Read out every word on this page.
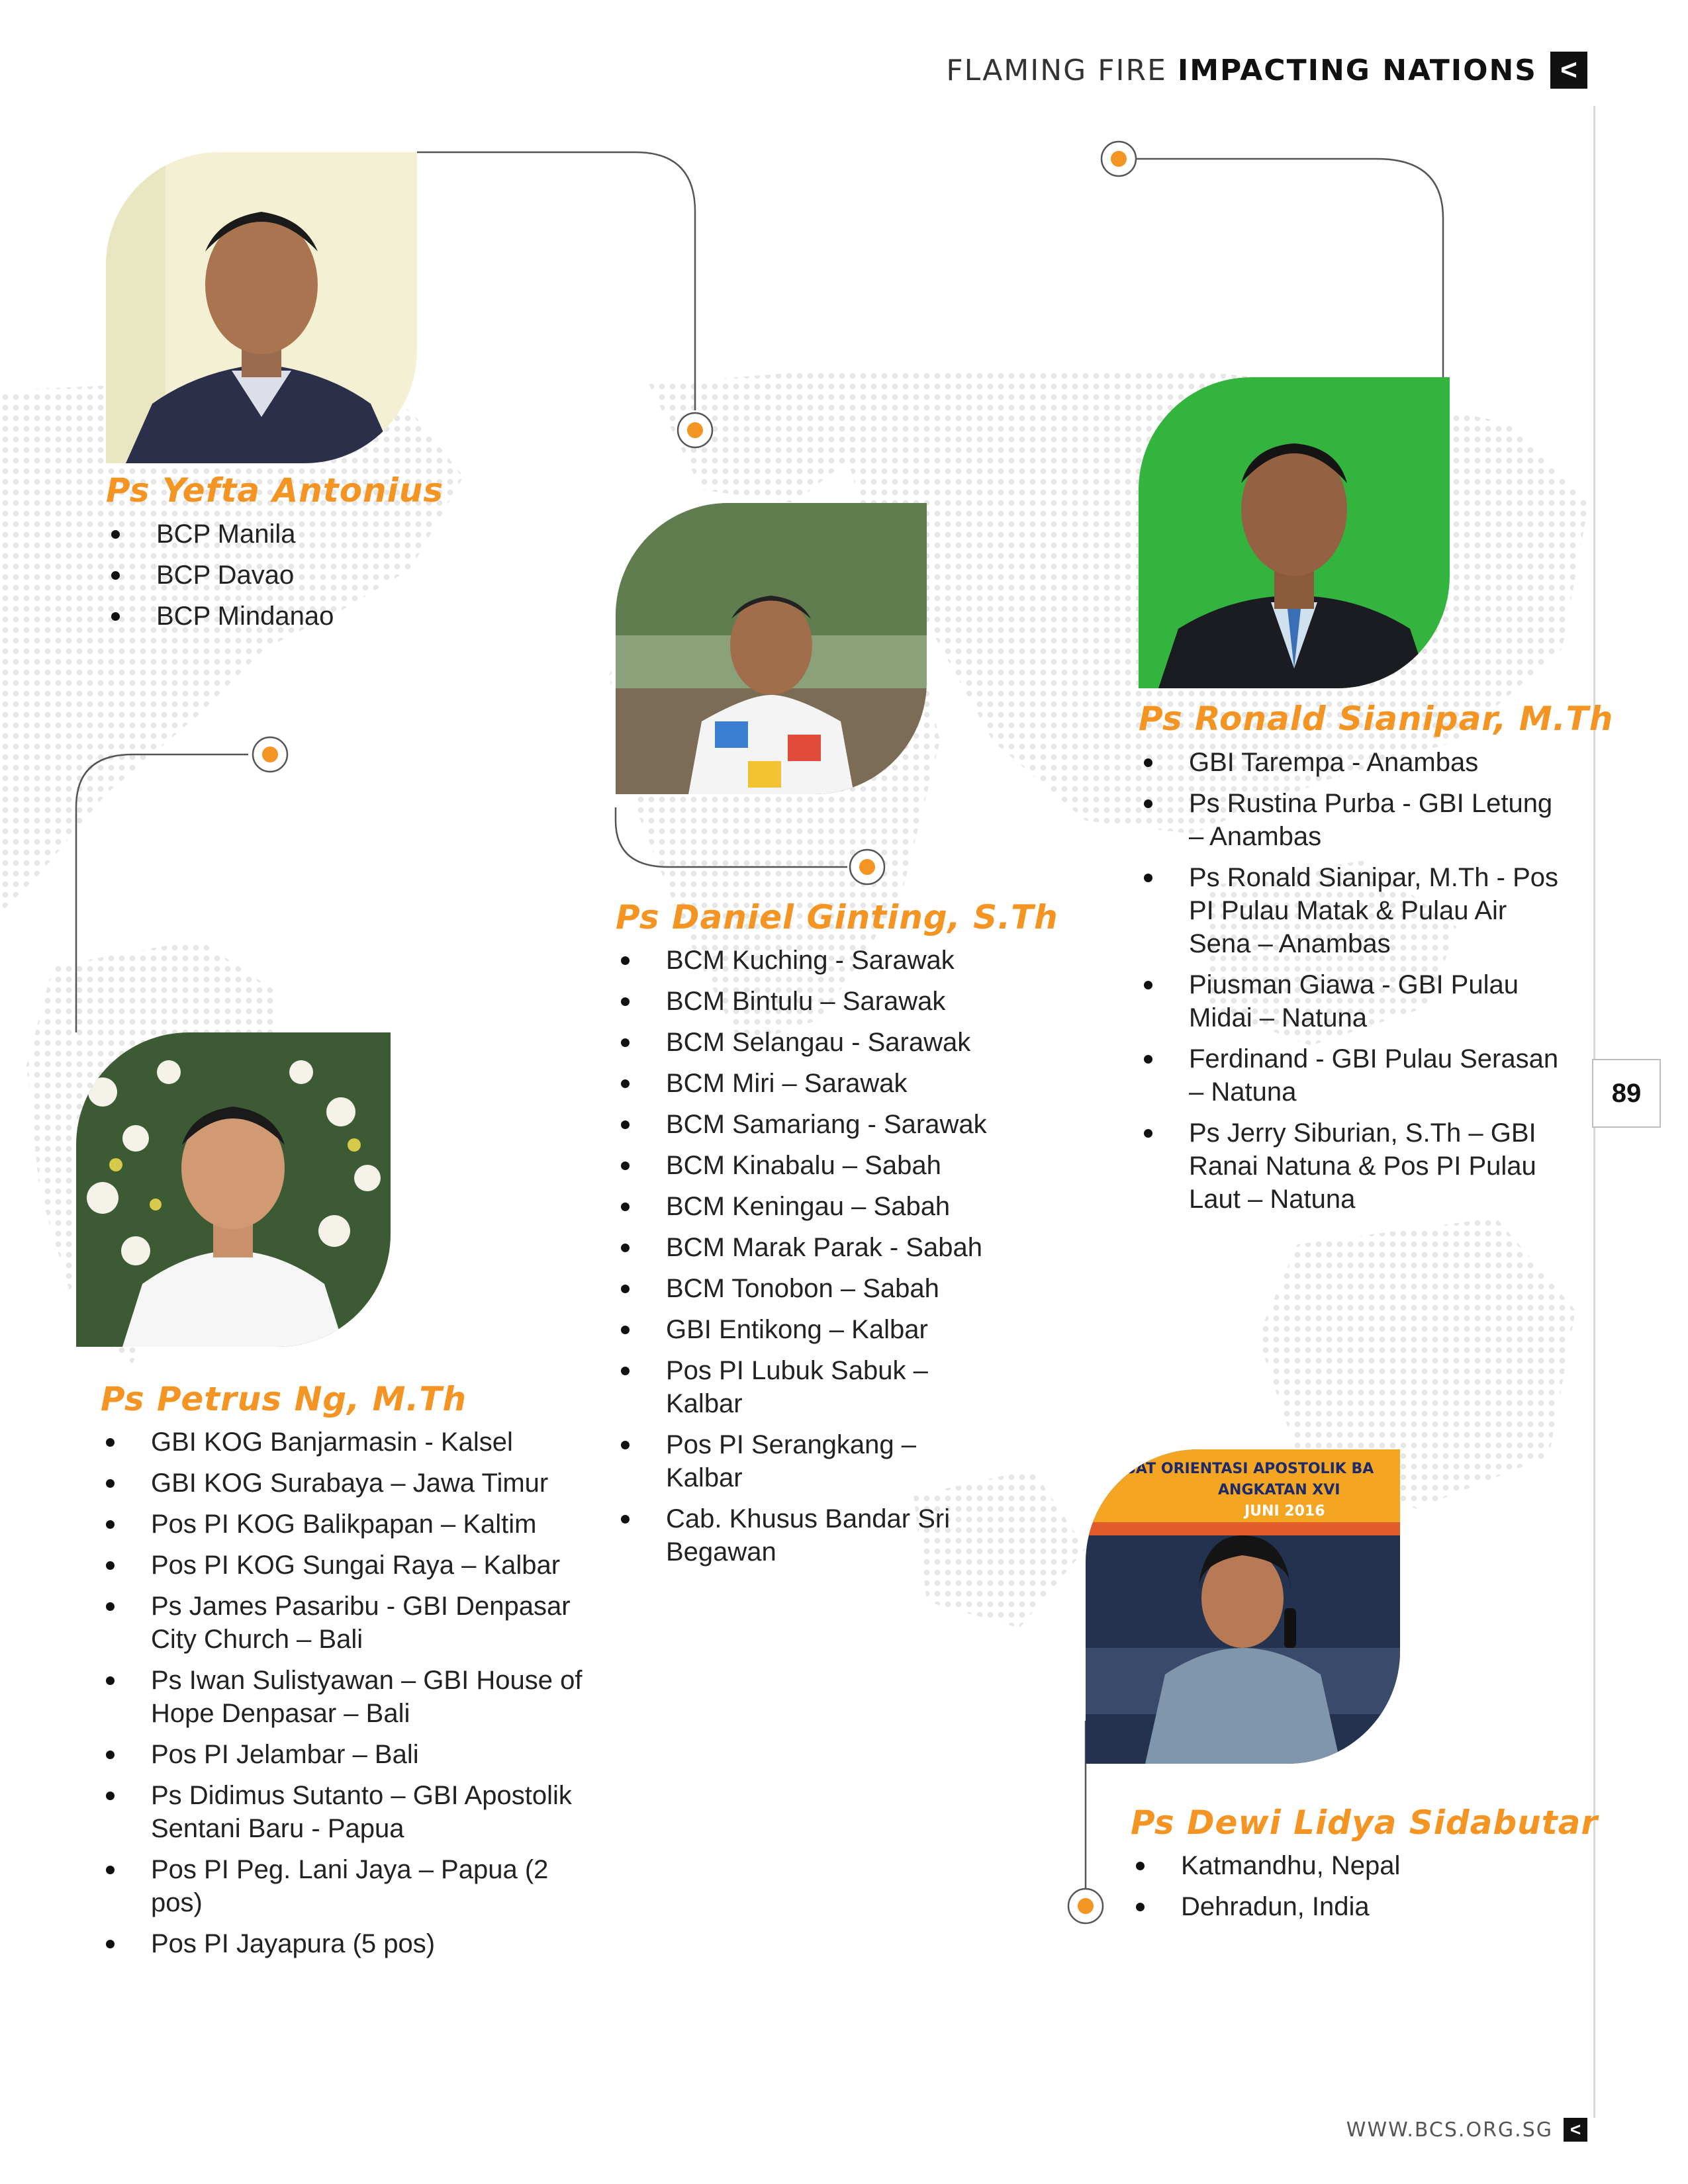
FLAMING FIRE IMPACTING NATIONS <
89
Ps Yefta Antonius
BCP Manila
BCP Davao
BCP Mindanao
Ps Daniel Ginting, S.Th
BCM Kuching - Sarawak
BCM Bintulu – Sarawak
BCM Selangau - Sarawak
BCM Miri – Sarawak
BCM Samariang - Sarawak
BCM Kinabalu – Sabah
BCM Keningau – Sabah
BCM Marak Parak - Sabah
BCM Tonobon – Sabah
GBI Entikong – Kalbar
Pos PI Lubuk Sabuk – Kalbar
Pos PI Serangkang – Kalbar
Cab. Khusus Bandar Sri Begawan
Ps Ronald Sianipar, M.Th
GBI Tarempa - Anambas
Ps Rustina Purba - GBI Letung – Anambas
Ps Ronald Sianipar, M.Th - Pos PI Pulau Matak & Pulau Air Sena – Anambas
Piusman Giawa - GBI Pulau Midai – Natuna
Ferdinand - GBI Pulau Serasan – Natuna
Ps Jerry Siburian, S.Th – GBI Ranai Natuna & Pos PI Pulau Laut – Natuna
Ps Petrus Ng, M.Th
GBI KOG Banjarmasin - Kalsel
GBI KOG Surabaya – Jawa Timur
Pos PI KOG Balikpapan – Kaltim
Pos PI KOG Sungai Raya – Kalbar
Ps James Pasaribu - GBI Denpasar City Church – Bali
Ps Iwan Sulistyawan – GBI House of Hope Denpasar – Bali
Pos PI Jelambar – Bali
Ps Didimus Sutanto – GBI Apostolik Sentani Baru - Papua
Pos PI Peg. Lani Jaya – Papua (2 pos)
Pos PI Jayapura (5 pos)
(PUSAT ORIENTASI APOSTOLIK BA
ANGKATAN XVI
JUNI 2016
Ps Dewi Lidya Sidabutar
Katmandhu, Nepal
Dehradun, India
WWW.BCS.ORG.SG <
